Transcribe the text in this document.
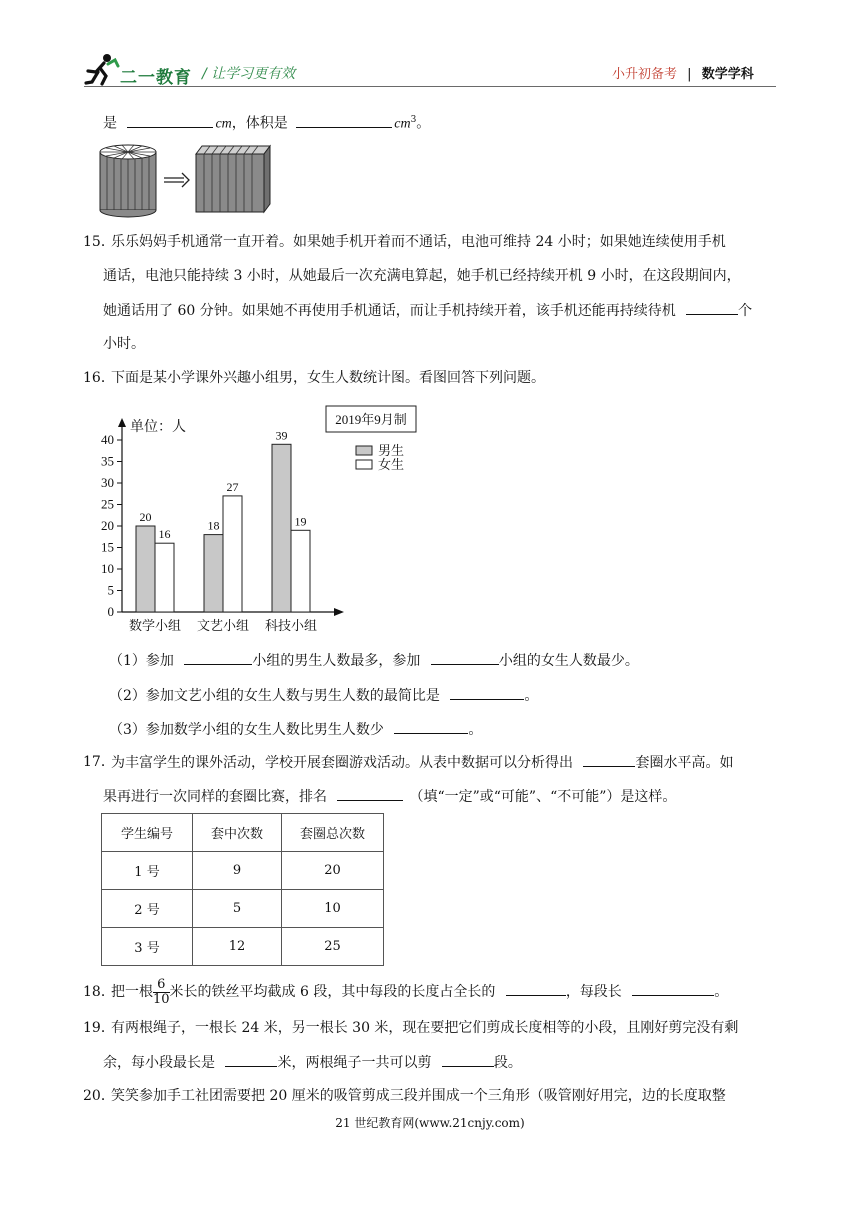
二一教育 / 让学习更有效	小升初备考 | 数学学科
是	cm，体积是	$cm^3$。
15．
乐乐妈妈手机通常一直开着。如果她手机开着而不通话，电池可维持 24 小时；如果她连续使用手机
通话，电池只能持续 3 小时，从她最后一次充满电算起，她手机已经持续开机 9 小时，在这段期间内，
她通话用了 60 分钟。如果她不再使用手机通话，而让手机持续开着，该手机还能再持续待机	个
小时。
16．
下面是某小学课外兴趣小组男，女生人数统计图。看图回答下列问题。
0
5
10
15
20
25
30
35
40
单位：人
20
16
数学小组
18
27
文艺小组
39
19
科技小组
2019年9月制
男生
女生
（1）参加	小组的男生人数最多，参加	小组的女生人数最少。
（2）参加文艺小组的女生人数与男生人数的最简比是	。
（3）参加数学小组的女生人数比男生人数少	。
17．
为丰富学生的课外活动，学校开展套圈游戏活动。从表中数据可以分析得出	套圈水平高。如
果再进行一次同样的套圈比赛，排名	（填“一定”或“可能”、“不可能”）是这样。
学生编号	套中次数	套圈总次数
1 号	9	20
2 号	5	10
3 号	12	25
18．
把一根 $\frac{6}{10}$ 米长的铁丝平均截成 6 段，其中每段的长度占全长的	，每段长	。
19．
有两根绳子，一根长 24 米，另一根长 30 米，现在要把它们剪成长度相等的小段，且刚好剪完没有剩
余，每小段最长是	米，两根绳子一共可以剪	段。
20．
笑笑参加手工社团需要把 20 厘米的吸管剪成三段并围成一个三角形（吸管刚好用完，边的长度取整
21 世纪教育网(www.21cnjy.com)
